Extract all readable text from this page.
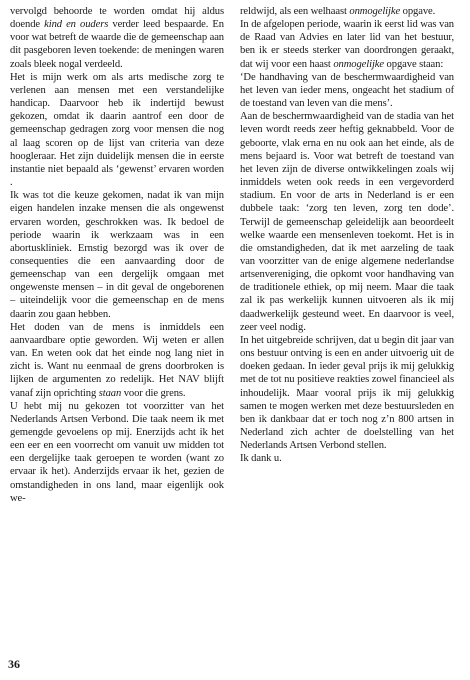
vervolgd behoorde te worden omdat hij aldus doende kind en ouders verder leed bespaarde. En voor wat betreft de waarde die de gemeenschap aan dit pasgeboren leven toekende: de meningen waren zoals bleek nogal verdeeld.

Het is mijn werk om als arts medische zorg te verlenen aan mensen met een verstandelijke handicap. Daarvoor heb ik indertijd bewust gekozen, omdat ik daarin aantrof een door de gemeenschap gedragen zorg voor mensen die nog al laag scoren op de lijst van criteria van deze hoogleraar. Het zijn duidelijk mensen die in eerste instantie niet bepaald als ‘gewenst’ ervaren worden .

Ik was tot die keuze gekomen, nadat ik van mijn eigen handelen inzake mensen die als ongewenst ervaren worden, geschrokken was. Ik bedoel de periode waarin ik werkzaam was in een abortuskliniek. Ernstig bezorgd was ik over de consequenties die een aanvaarding door de gemeenschap van een dergelijk omgaan met ongewenste mensen – in dit geval de ongeborenen – uiteindelijk voor die gemeenschap en de mens daarin zou gaan hebben.

Het doden van de mens is inmiddels een aanvaardbare optie geworden. Wij weten er allen van. En weten ook dat het einde nog lang niet in zicht is. Want nu eenmaal de grens doorbroken is lijken de argumenten zo redelijk. Het NAV blijft vanaf zijn oprichting staan voor die grens.

U hebt mij nu gekozen tot voorzitter van het Nederlands Artsen Verbond. Die taak neem ik met gemengde gevoelens op mij. Enerzijds acht ik het een eer en een voorrecht om vanuit uw midden tot een dergelijke taak geroepen te worden (want zo ervaar ik het). Anderzijds ervaar ik het, gezien de omstandigheden in ons land, maar eigenlijk ook we-

reldwijd, als een welhaast onmogelijke opgave.

In de afgelopen periode, waarin ik eerst lid was van de Raad van Advies en later lid van het bestuur, ben ik er steeds sterker van doordrongen geraakt, dat wij voor een haast onmogelijke opgave staan:

‘De handhaving van de beschermwaardigheid van het leven van ieder mens, ongeacht het stadium of de toestand van leven van die mens’.

Aan de beschermwaardigheid van de stadia van het leven wordt reeds zeer heftig geknabbeld. Voor de geboorte, vlak erna en nu ook aan het einde, als de mens bejaard is. Voor wat betreft de toestand van het leven zijn de diverse ontwikkelingen zoals wij inmiddels weten ook reeds in een vergevorderd stadium. En voor de arts in Nederland is er een dubbele taak: ‘zorg ten leven, zorg ten dode’. Terwijl de gemeenschap geleidelijk aan beoordeelt welke waarde een mensenleven toekomt. Het is in die omstandigheden, dat ik met aarzeling de taak van voorzitter van de enige algemene nederlandse artsenvereniging, die opkomt voor handhaving van de traditionele ethiek, op mij neem. Maar die taak zal ik pas werkelijk kunnen uitvoeren als ik mij daadwerkelijk gesteund weet. En daarvoor is veel, zeer veel nodig.

In het uitgebreide schrijven, dat u begin dit jaar van ons bestuur ontving is een en ander uitvoerig uit de doeken gedaan. In ieder geval prijs ik mij gelukkig met de tot nu positieve reakties zowel financieel als inhoudelijk. Maar vooral prijs ik mij gelukkig samen te mogen werken met deze bestuursleden en ben ik dankbaar dat er toch nog z’n 800 artsen in Nederland zich achter de doelstelling van het Nederlands Artsen Verbond stellen.

Ik dank u.

36
